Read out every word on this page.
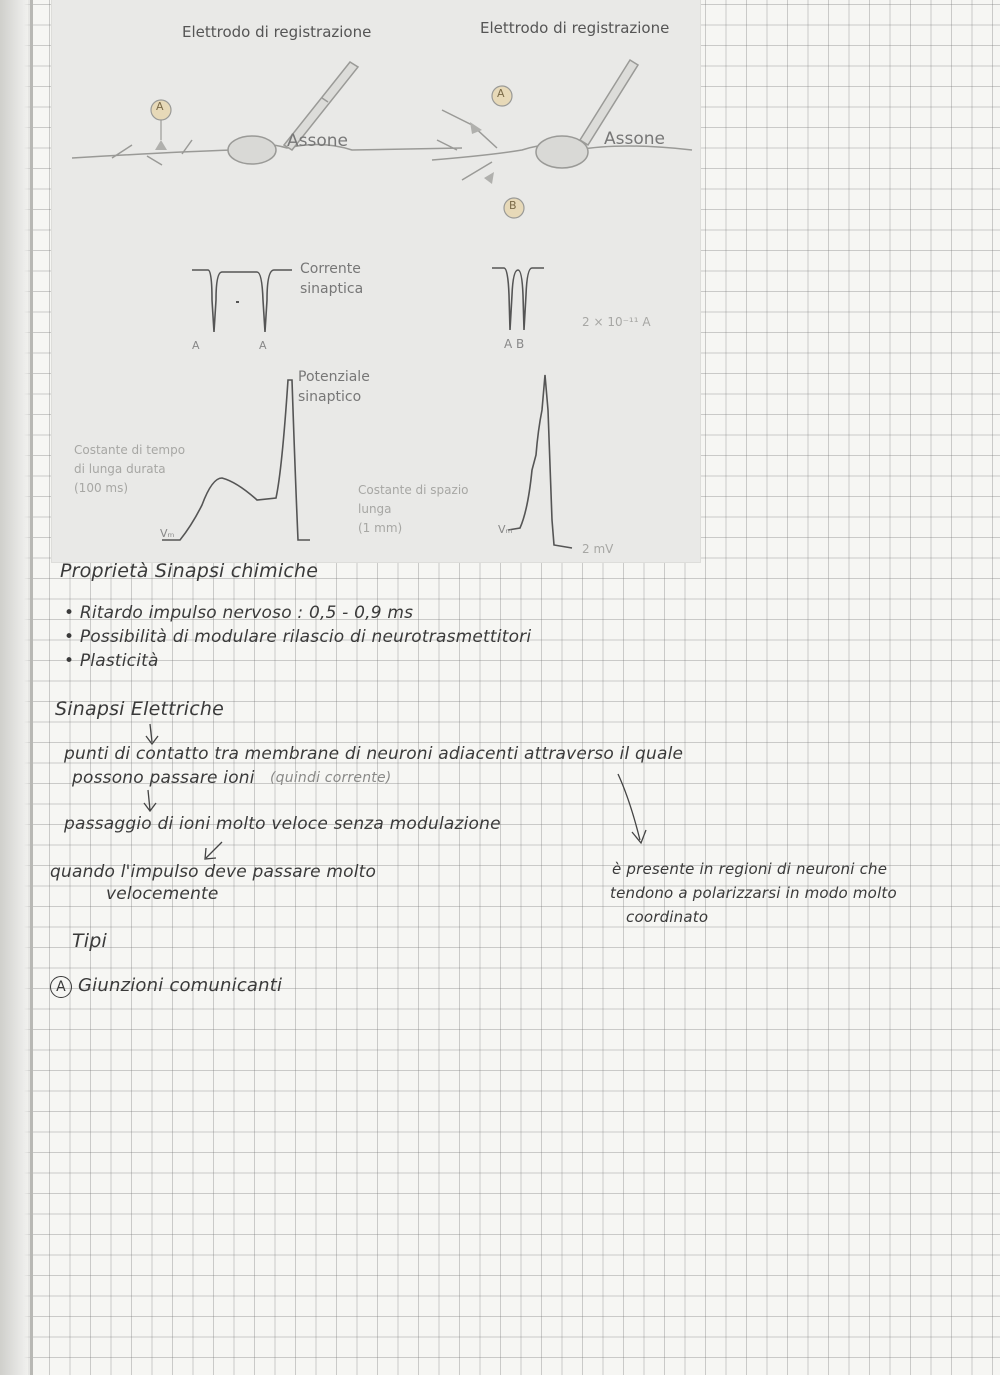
Elettrodo di registrazione
Assone
A
Corrente
sinaptica
A	A
Potenziale
sinaptico
Costante di tempo
di lunga durata
(100 ms)
Vₘ
Elettrodo di registrazione
Assone
A
B
A B
2 × 10⁻¹¹ A
Costante di spazio
lunga
(1 mm)	Vₘ
2 mV
Proprietà Sinapsi chimiche
• Ritardo impulso nervoso : 0,5 - 0,9 ms
• Possibilità di modulare rilascio di neurotrasmettitori
• Plasticità
Sinapsi Elettriche
punti di contatto tra membrane di neuroni adiacenti attraverso il quale
possono passare ioni (quindi corrente)
passaggio di ioni molto veloce senza modulazione
quando l'impulso deve passare molto
velocemente
è presente in regioni di neuroni che
tendono a polarizzarsi in modo molto
coordinato
Tipi
A Giunzioni comunicanti
